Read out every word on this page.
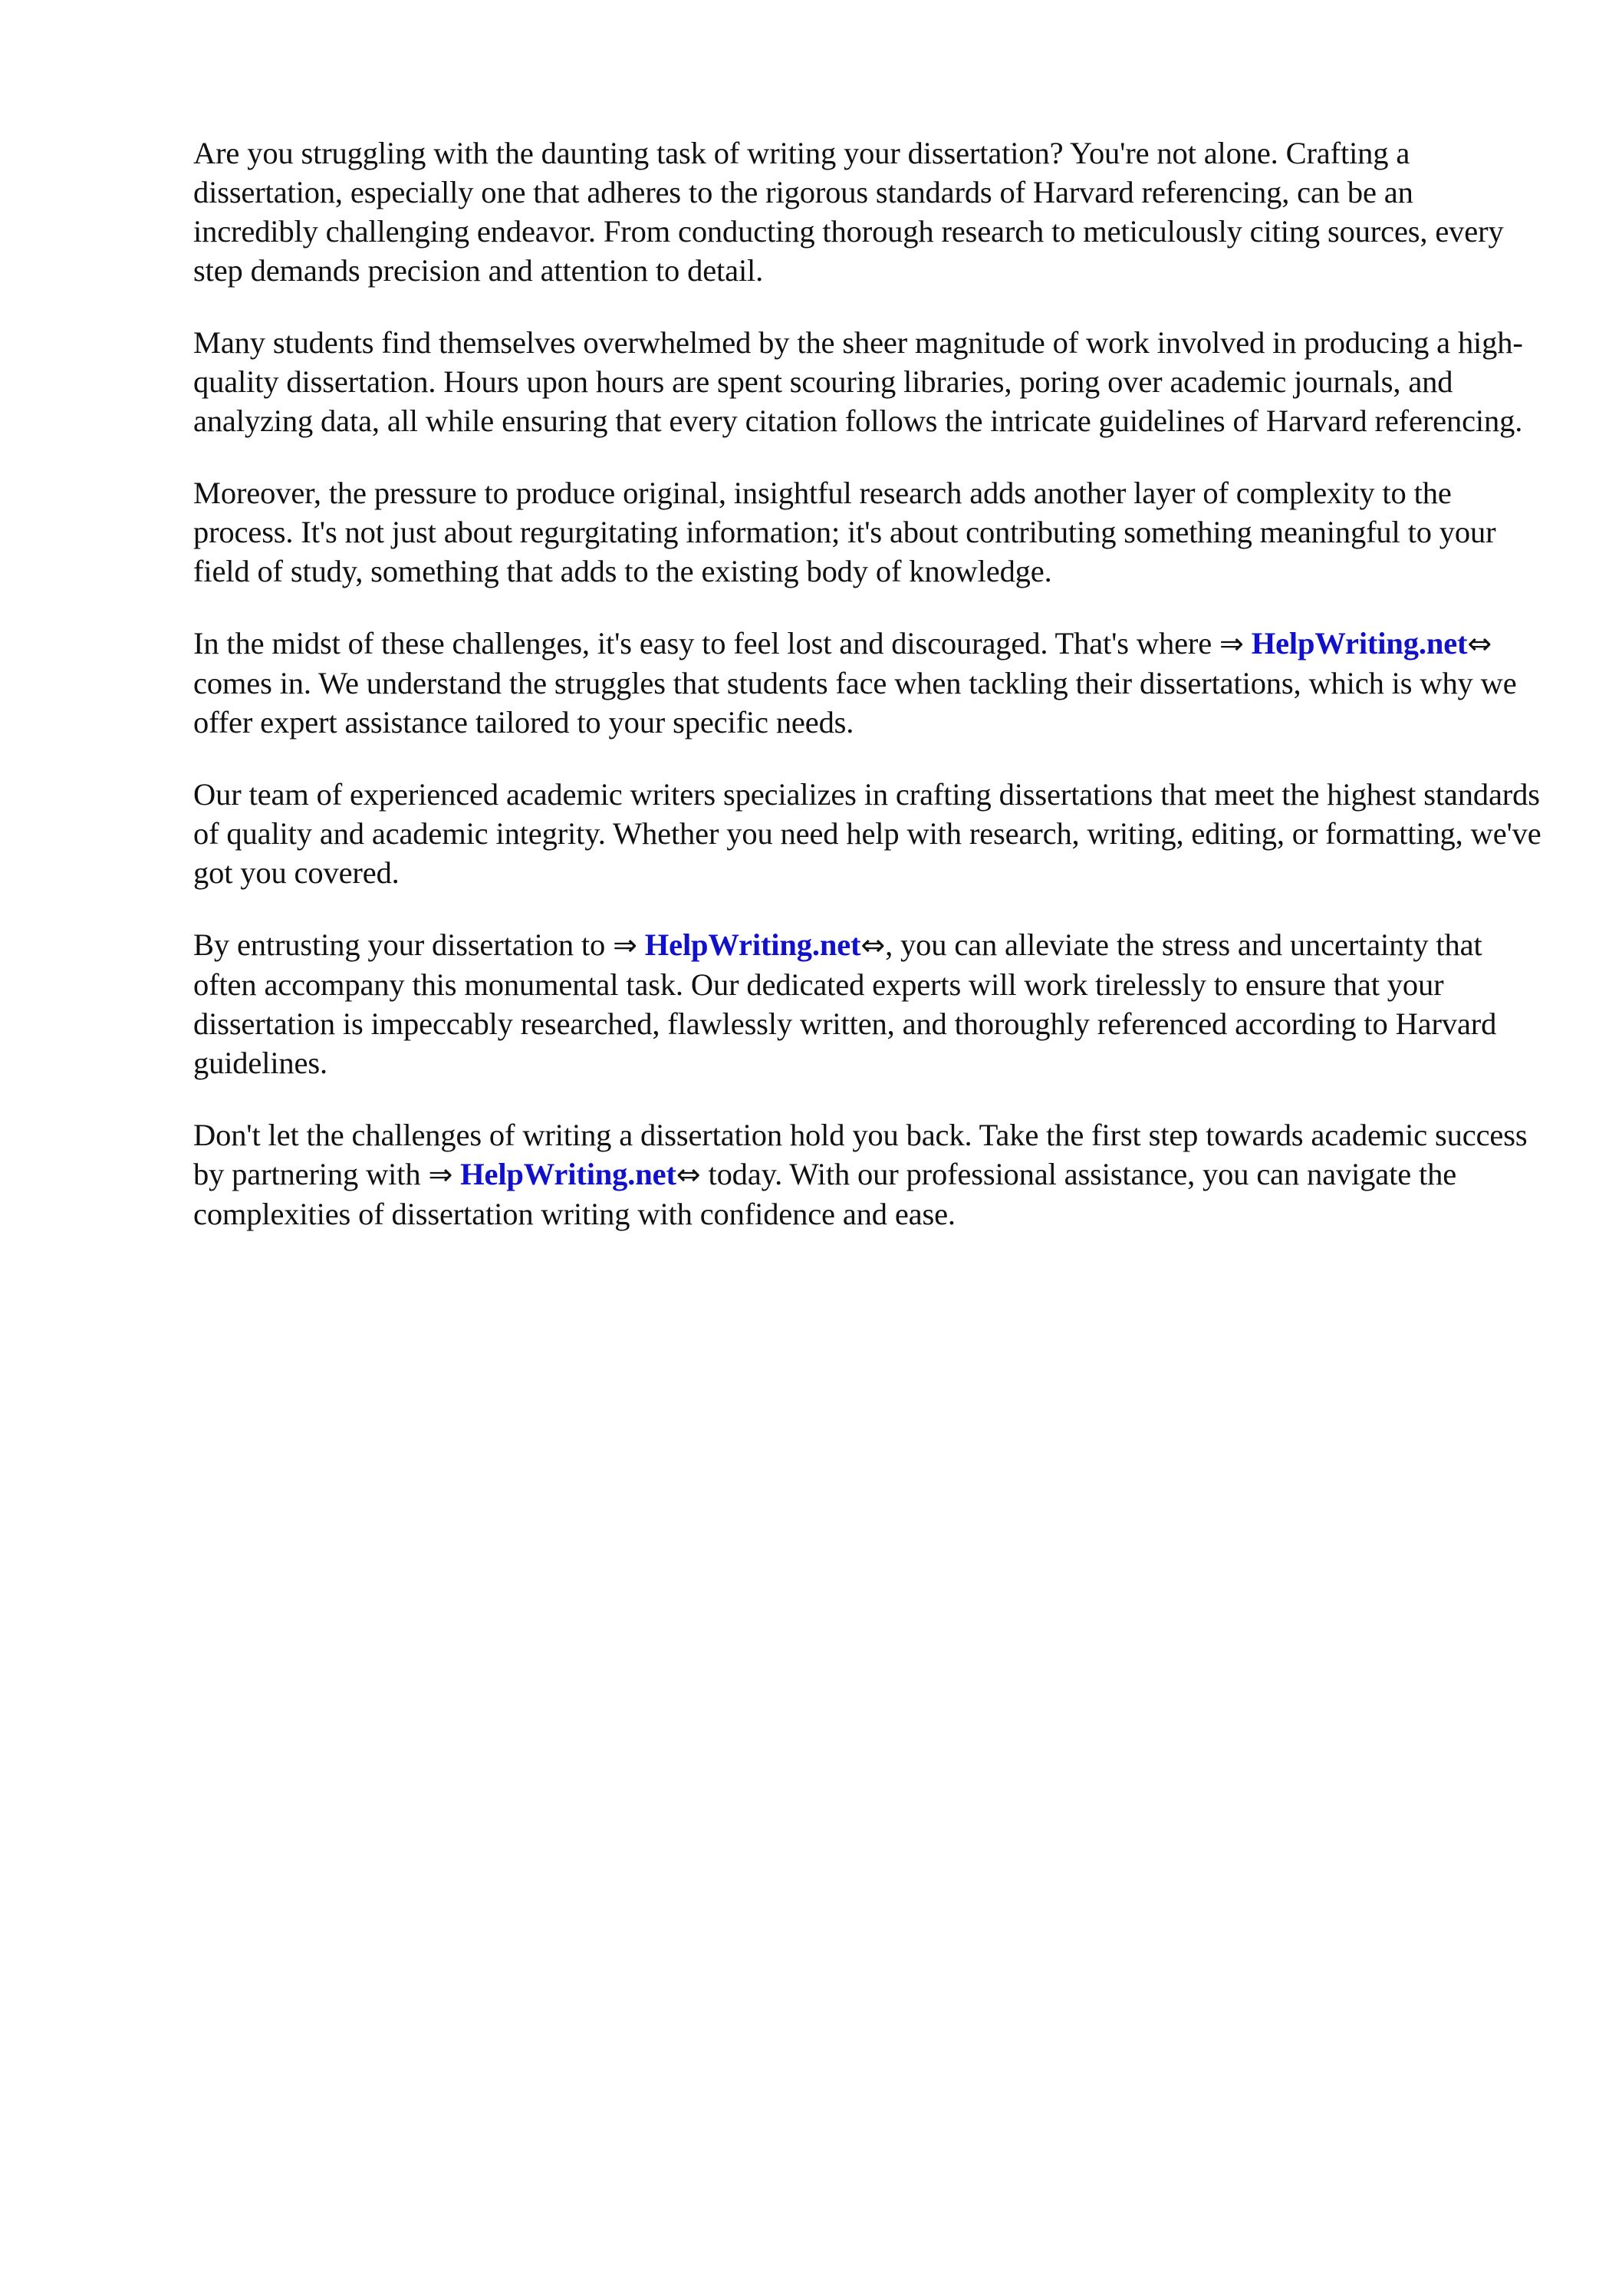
Are you struggling with the daunting task of writing your dissertation? You're not alone. Crafting a dissertation, especially one that adheres to the rigorous standards of Harvard referencing, can be an incredibly challenging endeavor. From conducting thorough research to meticulously citing sources, every step demands precision and attention to detail.

Many students find themselves overwhelmed by the sheer magnitude of work involved in producing a high-quality dissertation. Hours upon hours are spent scouring libraries, poring over academic journals, and analyzing data, all while ensuring that every citation follows the intricate guidelines of Harvard referencing.

Moreover, the pressure to produce original, insightful research adds another layer of complexity to the process. It's not just about regurgitating information; it's about contributing something meaningful to your field of study, something that adds to the existing body of knowledge.

In the midst of these challenges, it's easy to feel lost and discouraged. That's where ⇒ HelpWriting.net⇔ comes in. We understand the struggles that students face when tackling their dissertations, which is why we offer expert assistance tailored to your specific needs.

Our team of experienced academic writers specializes in crafting dissertations that meet the highest standards of quality and academic integrity. Whether you need help with research, writing, editing, or formatting, we've got you covered.

By entrusting your dissertation to ⇒ HelpWriting.net⇔, you can alleviate the stress and uncertainty that often accompany this monumental task. Our dedicated experts will work tirelessly to ensure that your dissertation is impeccably researched, flawlessly written, and thoroughly referenced according to Harvard guidelines.

Don't let the challenges of writing a dissertation hold you back. Take the first step towards academic success by partnering with ⇒ HelpWriting.net⇔ today. With our professional assistance, you can navigate the complexities of dissertation writing with confidence and ease.
